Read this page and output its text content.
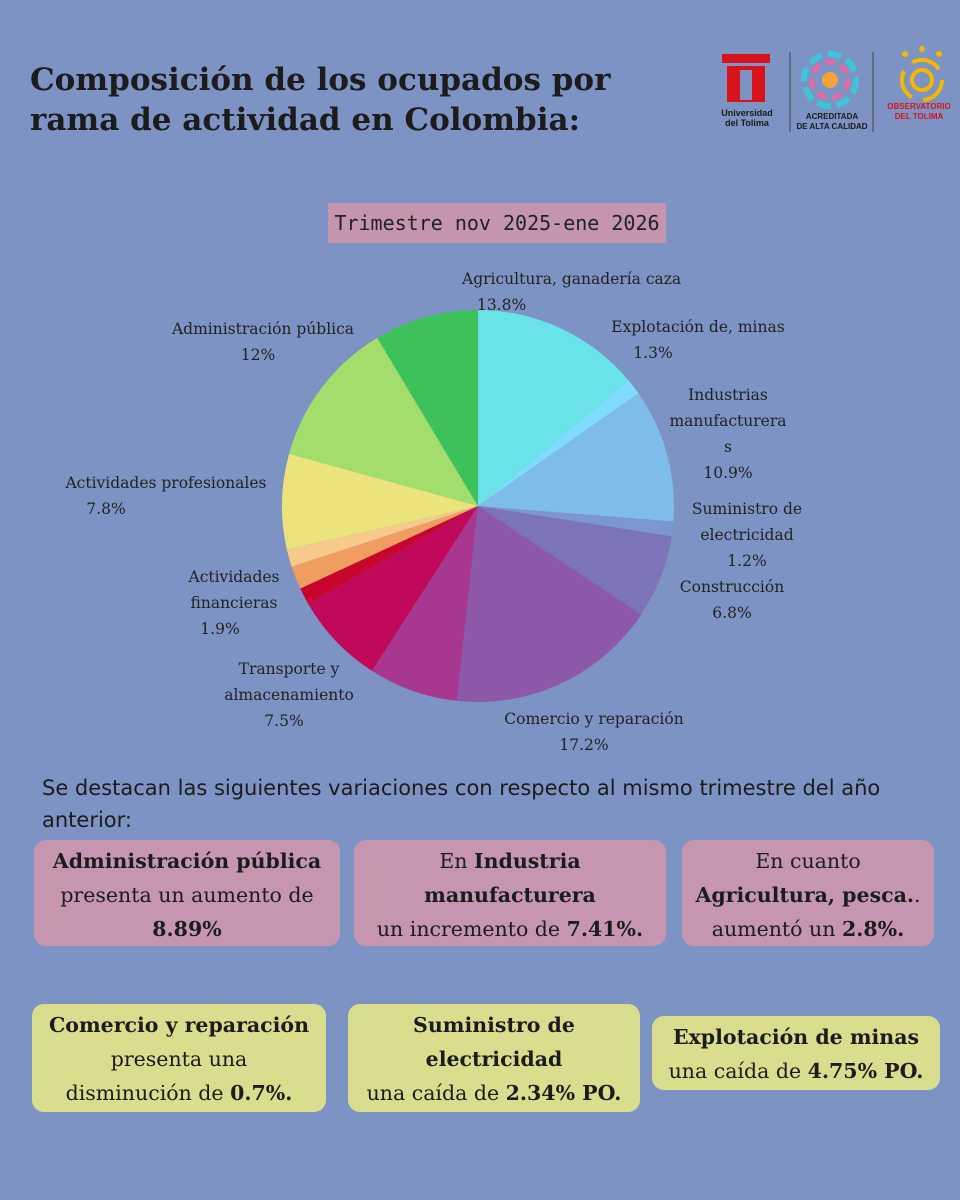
Composición de los ocupados por
rama de actividad en Colombia:	Universidad
del Tolima
ACREDITADA
DE ALTA CALIDAD
OBSERVATORIO
DEL TOLIMA
Trimestre nov 2025-ene 2026
Agricultura, ganadería caza
13.8%
Explotación de, minas
1.3%
Industrias manufacturera s
10.9%
Suministro de electricidad
1.2%
Construcción
6.8%
Comercio y reparación
17.2%
Transporte y almacenamiento
7.5%
Actividades financieras
1.9%
Actividades profesionales
7.8%
Administración pública
12%

Se destacan las siguientes variaciones con respecto al mismo trimestre del año anterior:

Administración pública
presenta un aumento de
8.89%
En Industria
manufacturera
un incremento de 7.41%.
En cuanto
Agricultura, pesca..
aumentó un 2.8%.
Comercio y reparación
presenta una
disminución de 0.7%.
Suministro de
electricidad
una caída de 2.34% PO.
Explotación de minas
una caída de 4.75% PO.
